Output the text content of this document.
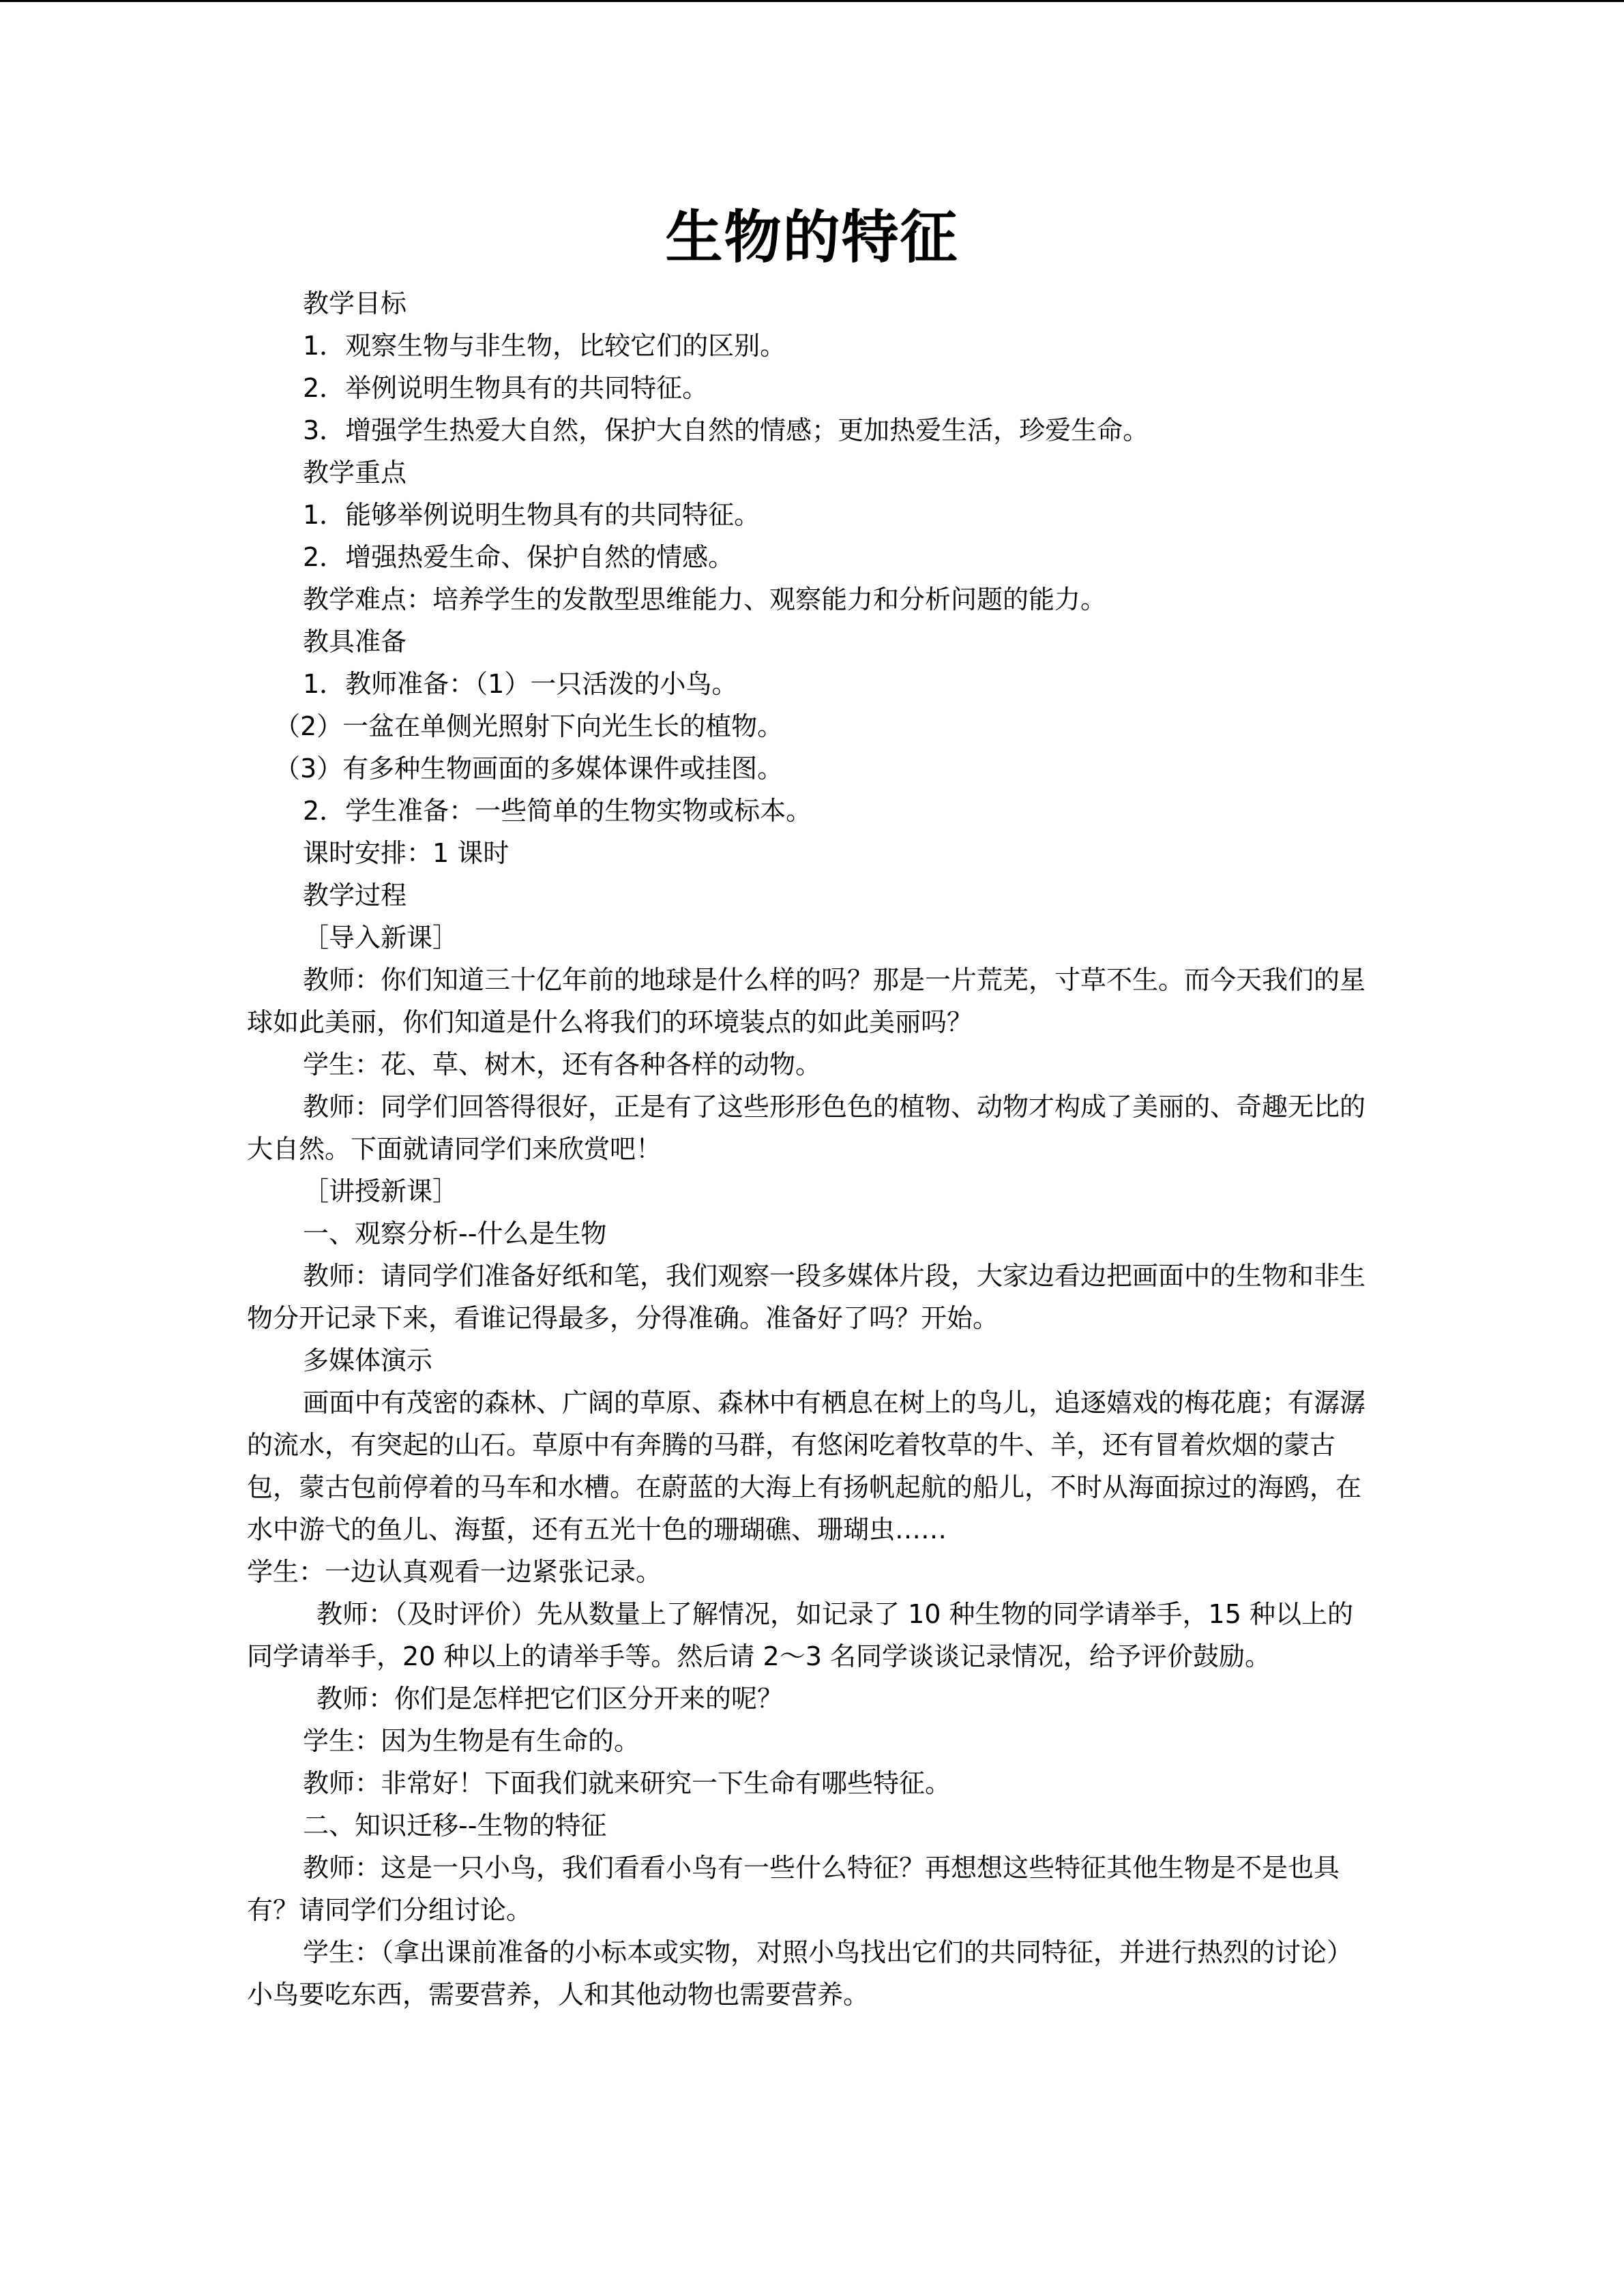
生物的特征

教学目标

1．观察生物与非生物，比较它们的区别。

2．举例说明生物具有的共同特征。

3．增强学生热爱大自然，保护大自然的情感；更加热爱生活，珍爱生命。

教学重点

1．能够举例说明生物具有的共同特征。

2．增强热爱生命、保护自然的情感。

教学难点：培养学生的发散型思维能力、观察能力和分析问题的能力。

教具准备

1．教师准备：（1）一只活泼的小鸟。

（2）一盆在单侧光照射下向光生长的植物。

（3）有多种生物画面的多媒体课件或挂图。

2．学生准备：一些简单的生物实物或标本。

课时安排：1 课时

教学过程

［导入新课］

教师：你们知道三十亿年前的地球是什么样的吗？那是一片荒芜，寸草不生。而今天我们的星球如此美丽，你们知道是什么将我们的环境装点的如此美丽吗？

学生：花、草、树木，还有各种各样的动物。

教师：同学们回答得很好，正是有了这些形形色色的植物、动物才构成了美丽的、奇趣无比的大自然。下面就请同学们来欣赏吧！

［讲授新课］

一、观察分析--什么是生物

教师：请同学们准备好纸和笔，我们观察一段多媒体片段，大家边看边把画面中的生物和非生物分开记录下来，看谁记得最多，分得准确。准备好了吗？开始。

多媒体演示

画面中有茂密的森林、广阔的草原、森林中有栖息在树上的鸟儿，追逐嬉戏的梅花鹿；有潺潺的流水，有突起的山石。草原中有奔腾的马群，有悠闲吃着牧草的牛、羊，还有冒着炊烟的蒙古包，蒙古包前停着的马车和水槽。在蔚蓝的大海上有扬帆起航的船儿，不时从海面掠过的海鸥，在水中游弋的鱼儿、海蜇，还有五光十色的珊瑚礁、珊瑚虫……

学生：一边认真观看一边紧张记录。

教师：（及时评价）先从数量上了解情况，如记录了 10 种生物的同学请举手，15 种以上的同学请举手，20 种以上的请举手等。然后请 2～3 名同学谈谈记录情况，给予评价鼓励。

教师：你们是怎样把它们区分开来的呢？

学生：因为生物是有生命的。

教师：非常好！下面我们就来研究一下生命有哪些特征。

二、知识迁移--生物的特征

教师：这是一只小鸟，我们看看小鸟有一些什么特征？再想想这些特征其他生物是不是也具有？请同学们分组讨论。

学生：（拿出课前准备的小标本或实物，对照小鸟找出它们的共同特征，并进行热烈的讨论）小鸟要吃东西，需要营养，人和其他动物也需要营养。
